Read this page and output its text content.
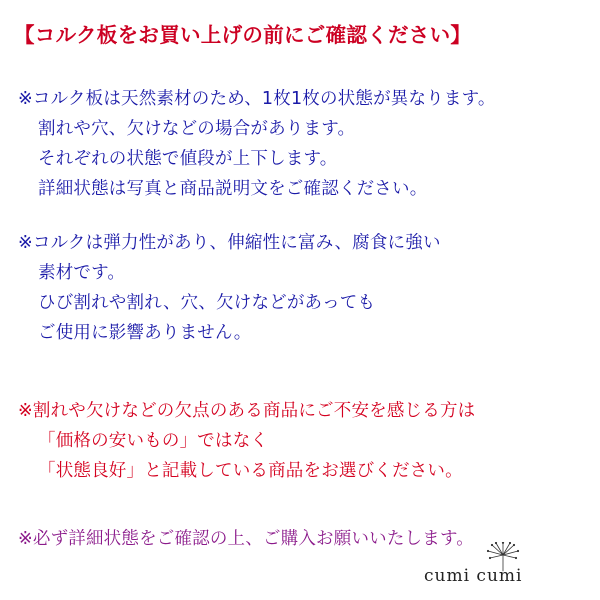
【コルク板をお買い上げの前にご確認ください】
※コルク板は天然素材のため、1枚1枚の状態が異なります。
割れや穴、欠けなどの場合があります。
それぞれの状態で値段が上下します。
詳細状態は写真と商品説明文をご確認ください。
※コルクは弾力性があり、伸縮性に富み、腐食に強い
素材です。
ひび割れや割れ、穴、欠けなどがあっても
ご使用に影響ありません。
※割れや欠けなどの欠点のある商品にご不安を感じる方は
「価格の安いもの」ではなく
「状態良好」と記載している商品をお選びください。
※必ず詳細状態をご確認の上、ご購入お願いいたします。
cumi cumi
